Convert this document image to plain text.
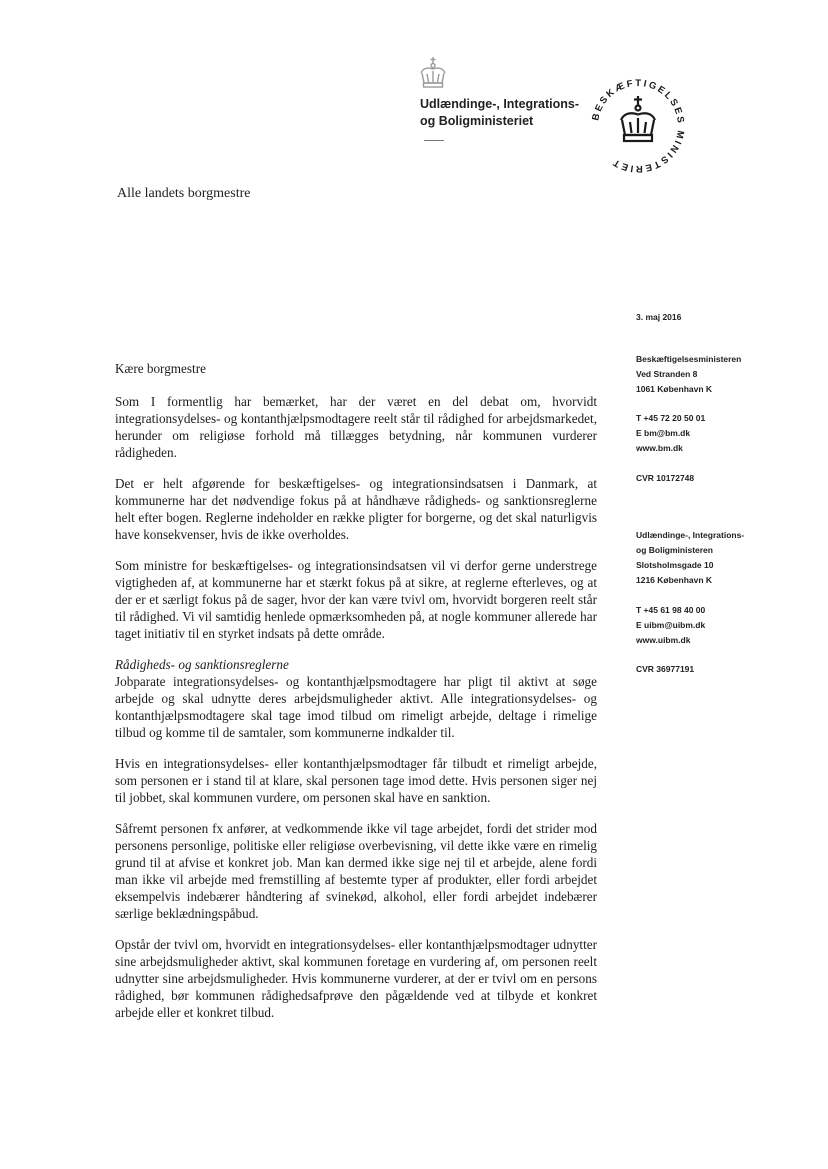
Udlændinge-, Integrations-
og Boligministeriet	BESKÆFTIGELSES MINISTERIET
Alle landets borgmestre
3. maj 2016
Beskæftigelsesministeren
Ved Stranden 8
1061 København K
T +45 72 20 50 01
E bm@bm.dk
www.bm.dk
CVR 10172748
Udlændinge-, Integrations-
og Boligministeren
Slotsholmsgade 10
1216 København K
T +45 61 98 40 00
E uibm@uibm.dk
www.uibm.dk
CVR 36977191

Kære borgmestre

Som I formentlig har bemærket, har der været en del debat om, hvorvidt integrationsydelses- og kontanthjælpsmodtagere reelt står til rådighed for arbejdsmarkedet, herunder om religiøse forhold må tillægges betydning, når kommunen vurderer rådigheden.

Det er helt afgørende for beskæftigelses- og integrationsindsatsen i Danmark, at kommunerne har det nødvendige fokus på at håndhæve rådigheds- og sanktionsreglerne helt efter bogen. Reglerne indeholder en række pligter for borgerne, og det skal naturligvis have konsekvenser, hvis de ikke overholdes.

Som ministre for beskæftigelses- og integrationsindsatsen vil vi derfor gerne understrege vigtigheden af, at kommunerne har et stærkt fokus på at sikre, at reglerne efterleves, og at der er et særligt fokus på de sager, hvor der kan være tvivl om, hvorvidt borgeren reelt står til rådighed. Vi vil samtidig henlede opmærksomheden på, at nogle kommuner allerede har taget initiativ til en styrket indsats på dette område.

Rådigheds- og sanktionsreglerne

Jobparate integrationsydelses- og kontanthjælpsmodtagere har pligt til aktivt at søge arbejde og skal udnytte deres arbejdsmuligheder aktivt. Alle integrationsydelses- og kontanthjælpsmodtagere skal tage imod tilbud om rimeligt arbejde, deltage i rimelige tilbud og komme til de samtaler, som kommunerne indkalder til.

Hvis en integrationsydelses- eller kontanthjælpsmodtager får tilbudt et rimeligt arbejde, som personen er i stand til at klare, skal personen tage imod dette. Hvis personen siger nej til jobbet, skal kommunen vurdere, om personen skal have en sanktion.

Såfremt personen fx anfører, at vedkommende ikke vil tage arbejdet, fordi det strider mod personens personlige, politiske eller religiøse overbevisning, vil dette ikke være en rimelig grund til at afvise et konkret job. Man kan dermed ikke sige nej til et arbejde, alene fordi man ikke vil arbejde med fremstilling af bestemte typer af produkter, eller fordi arbejdet eksempelvis indebærer håndtering af svinekød, alkohol, eller fordi arbejdet indebærer særlige beklædningspåbud.

Opstår der tvivl om, hvorvidt en integrationsydelses- eller kontanthjælpsmodtager udnytter sine arbejdsmuligheder aktivt, skal kommunen foretage en vurdering af, om personen reelt udnytter sine arbejdsmuligheder. Hvis kommunerne vurderer, at der er tvivl om en persons rådighed, bør kommunen rådighedsafprøve den pågældende ved at tilbyde et konkret arbejde eller et konkret tilbud.
